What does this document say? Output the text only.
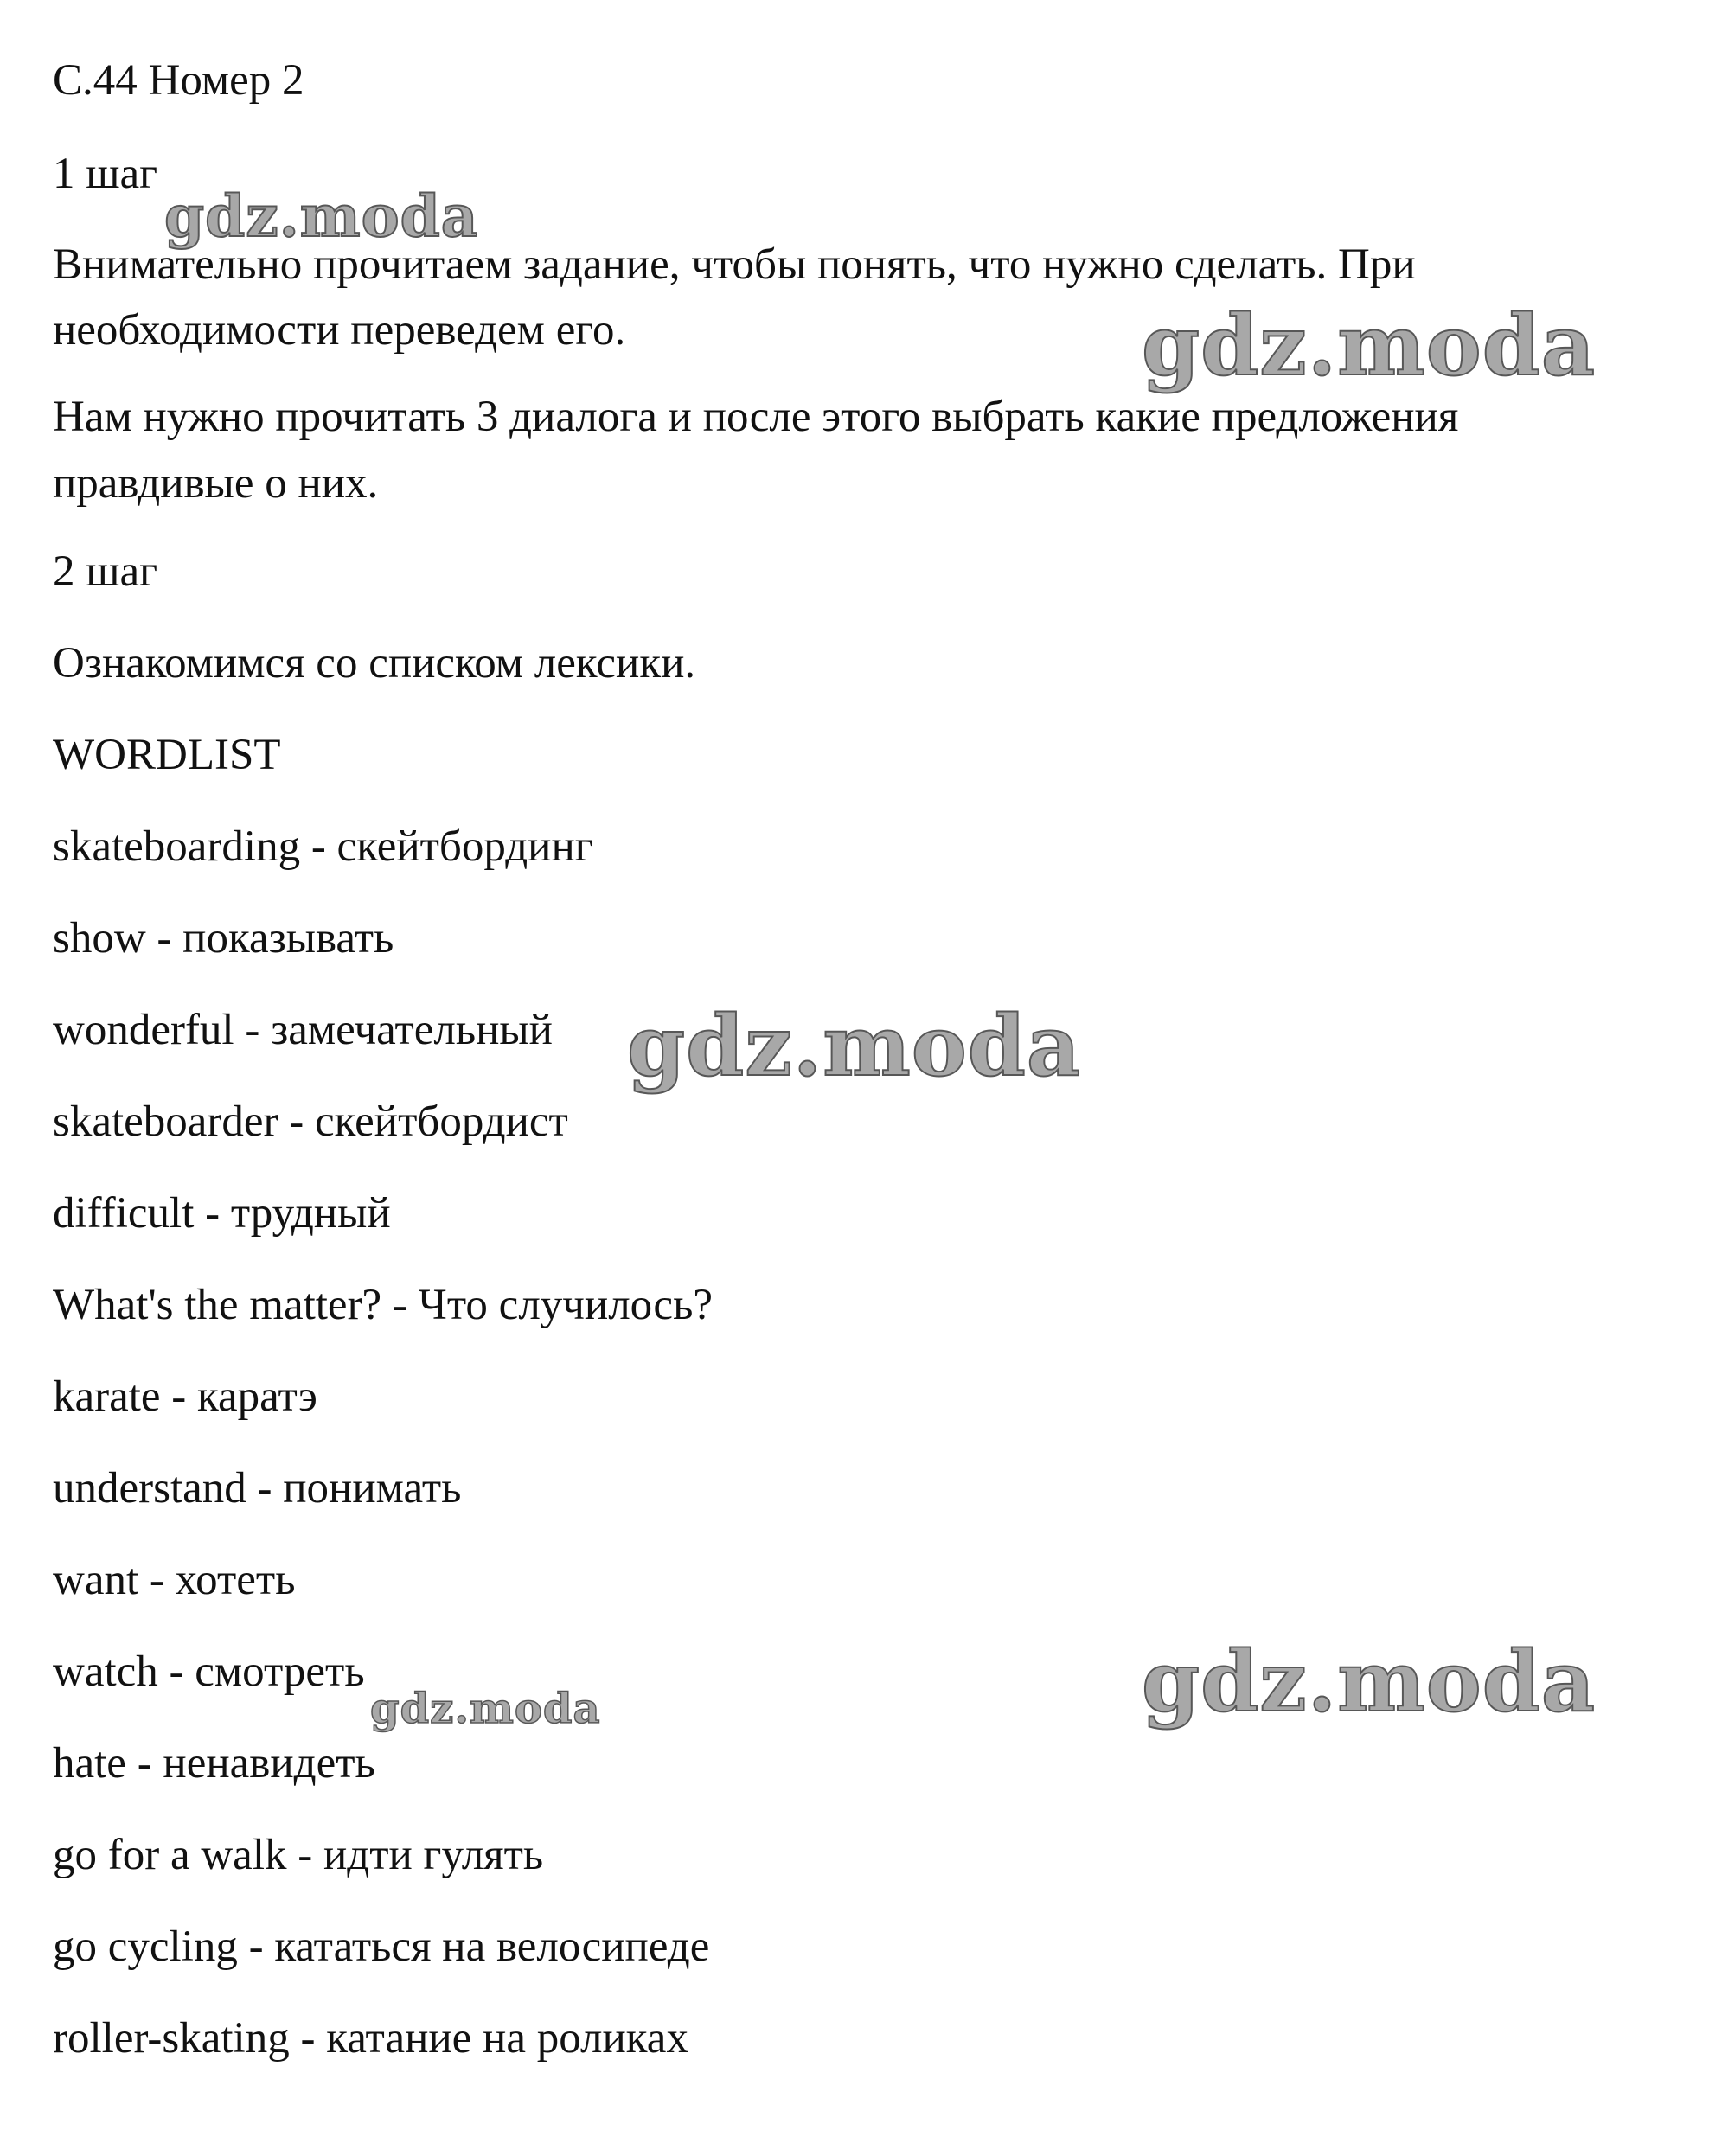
С.44 Номер 2

1 шаг

Внимательно прочитаем задание, чтобы понять, что нужно сделать. При

необходимости переведем его.

Нам нужно прочитать 3 диалога и после этого выбрать какие предложения

правдивые о них.

2 шаг

Ознакомимся со списком лексики.

WORDLIST

skateboarding - скейтбординг

show - показывать

wonderful - замечательный

skateboarder - скейтбордист

difficult - трудный

What's the matter? - Что случилось?

karate - каратэ

understand - понимать

want - хотеть

watch - смотреть

hate - ненавидеть

go for a walk - идти гулять

go cycling - кататься на велосипеде

roller-skating - катание на роликах

gdz.moda
gdz.moda
gdz.moda
gdz.moda
gdz.moda
